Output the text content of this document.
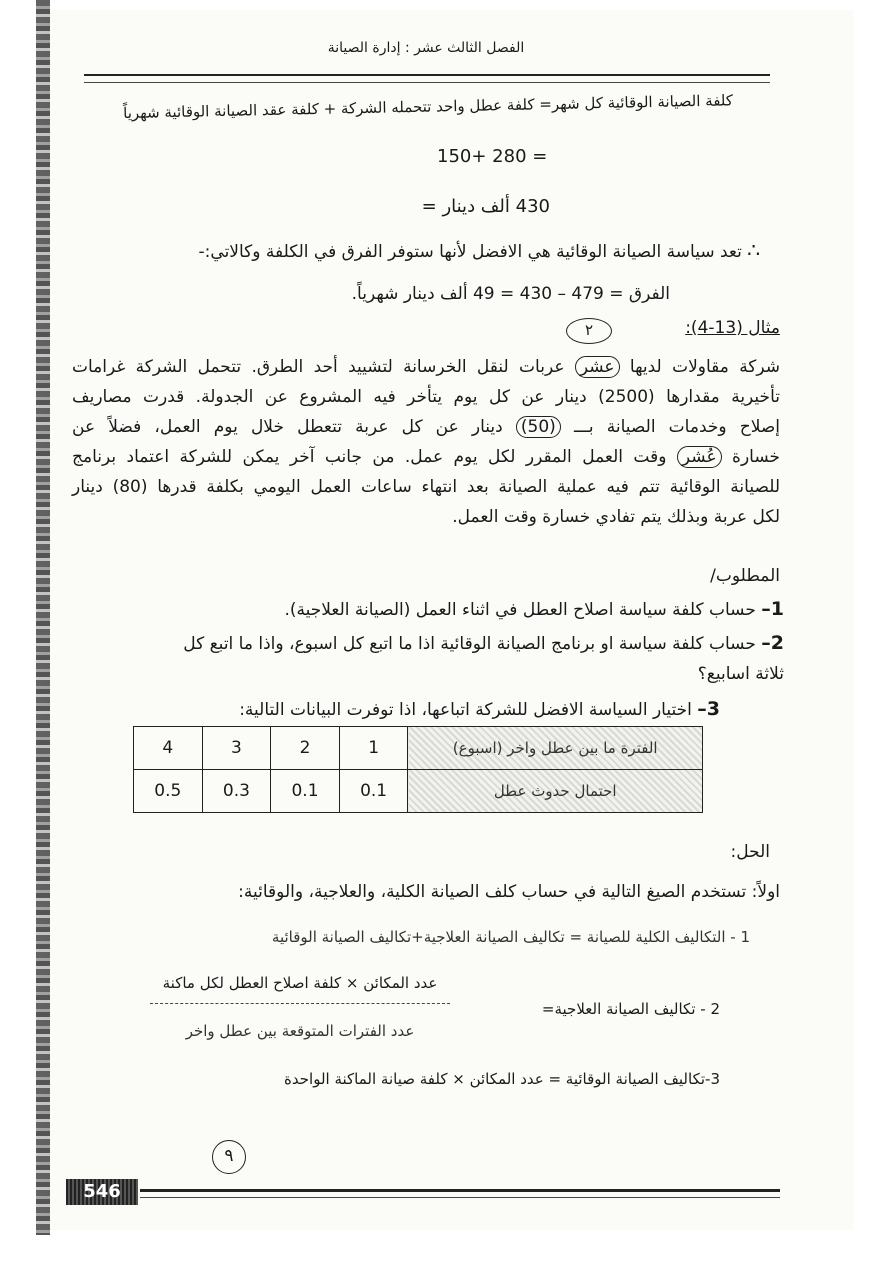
الفصل الثالث عشر : إدارة الصيانة
كلفة الصيانة الوقائية كل شهر= كلفة عطل واحد تتحمله الشركة + كلفة عقد الصيانة الوقائية شهرياً
150+ 280 =
430 ألف دينار =
∴ تعد سياسة الصيانة الوقائية هي الافضل لأنها ستوفر الفرق في الكلفة وكالاتي:-
الفرق = 479 – 430 = 49 ألف دينار شهرياً.
٢	مثال (13-4):
شركة مقاولات لديها عشر عربات لنقل الخرسانة لتشييد أحد الطرق. تتحمل الشركة غرامات
تأخيرية مقدارها (2500) دينار عن كل يوم يتأخر فيه المشروع عن الجدولة. قدرت مصاريف
إصلاح وخدمات الصيانة بـــ (50) دينار عن كل عربة تتعطل خلال يوم العمل، فضلاً عن
خسارة عُشر وقت العمل المقرر لكل يوم عمل. من جانب آخر يمكن للشركة اعتماد برنامج
للصيانة الوقائية تتم فيه عملية الصيانة بعد انتهاء ساعات العمل اليومي بكلفة قدرها (80) دينار
لكل عربة وبذلك يتم تفادي خسارة وقت العمل.
المطلوب/
1– حساب كلفة سياسة اصلاح العطل في اثناء العمل (الصيانة العلاجية).
2– حساب كلفة سياسة او برنامج الصيانة الوقائية اذا ما اتبع كل اسبوع، واذا ما اتبع كل
ثلاثة اسابيع؟
3– اختيار السياسة الافضل للشركة اتباعها، اذا توفرت البيانات التالية:
الفترة ما بين عطل واخر (اسبوع)	1	2	3	4
احتمال حدوث عطل	0.1	0.1	0.3	0.5
الحل:
اولاً: تستخدم الصيغ التالية في حساب كلف الصيانة الكلية، والعلاجية، والوقائية:
1 - التكاليف الكلية للصيانة = تكاليف الصيانة العلاجية+تكاليف الصيانة الوقائية
عدد المكائن × كلفة اصلاح العطل لكل ماكنة
عدد الفترات المتوقعة بين عطل واخر
2 - تكاليف الصيانة العلاجية=
3-تكاليف الصيانة الوقائية = عدد المكائن × كلفة صيانة الماكنة الواحدة
٩
546
